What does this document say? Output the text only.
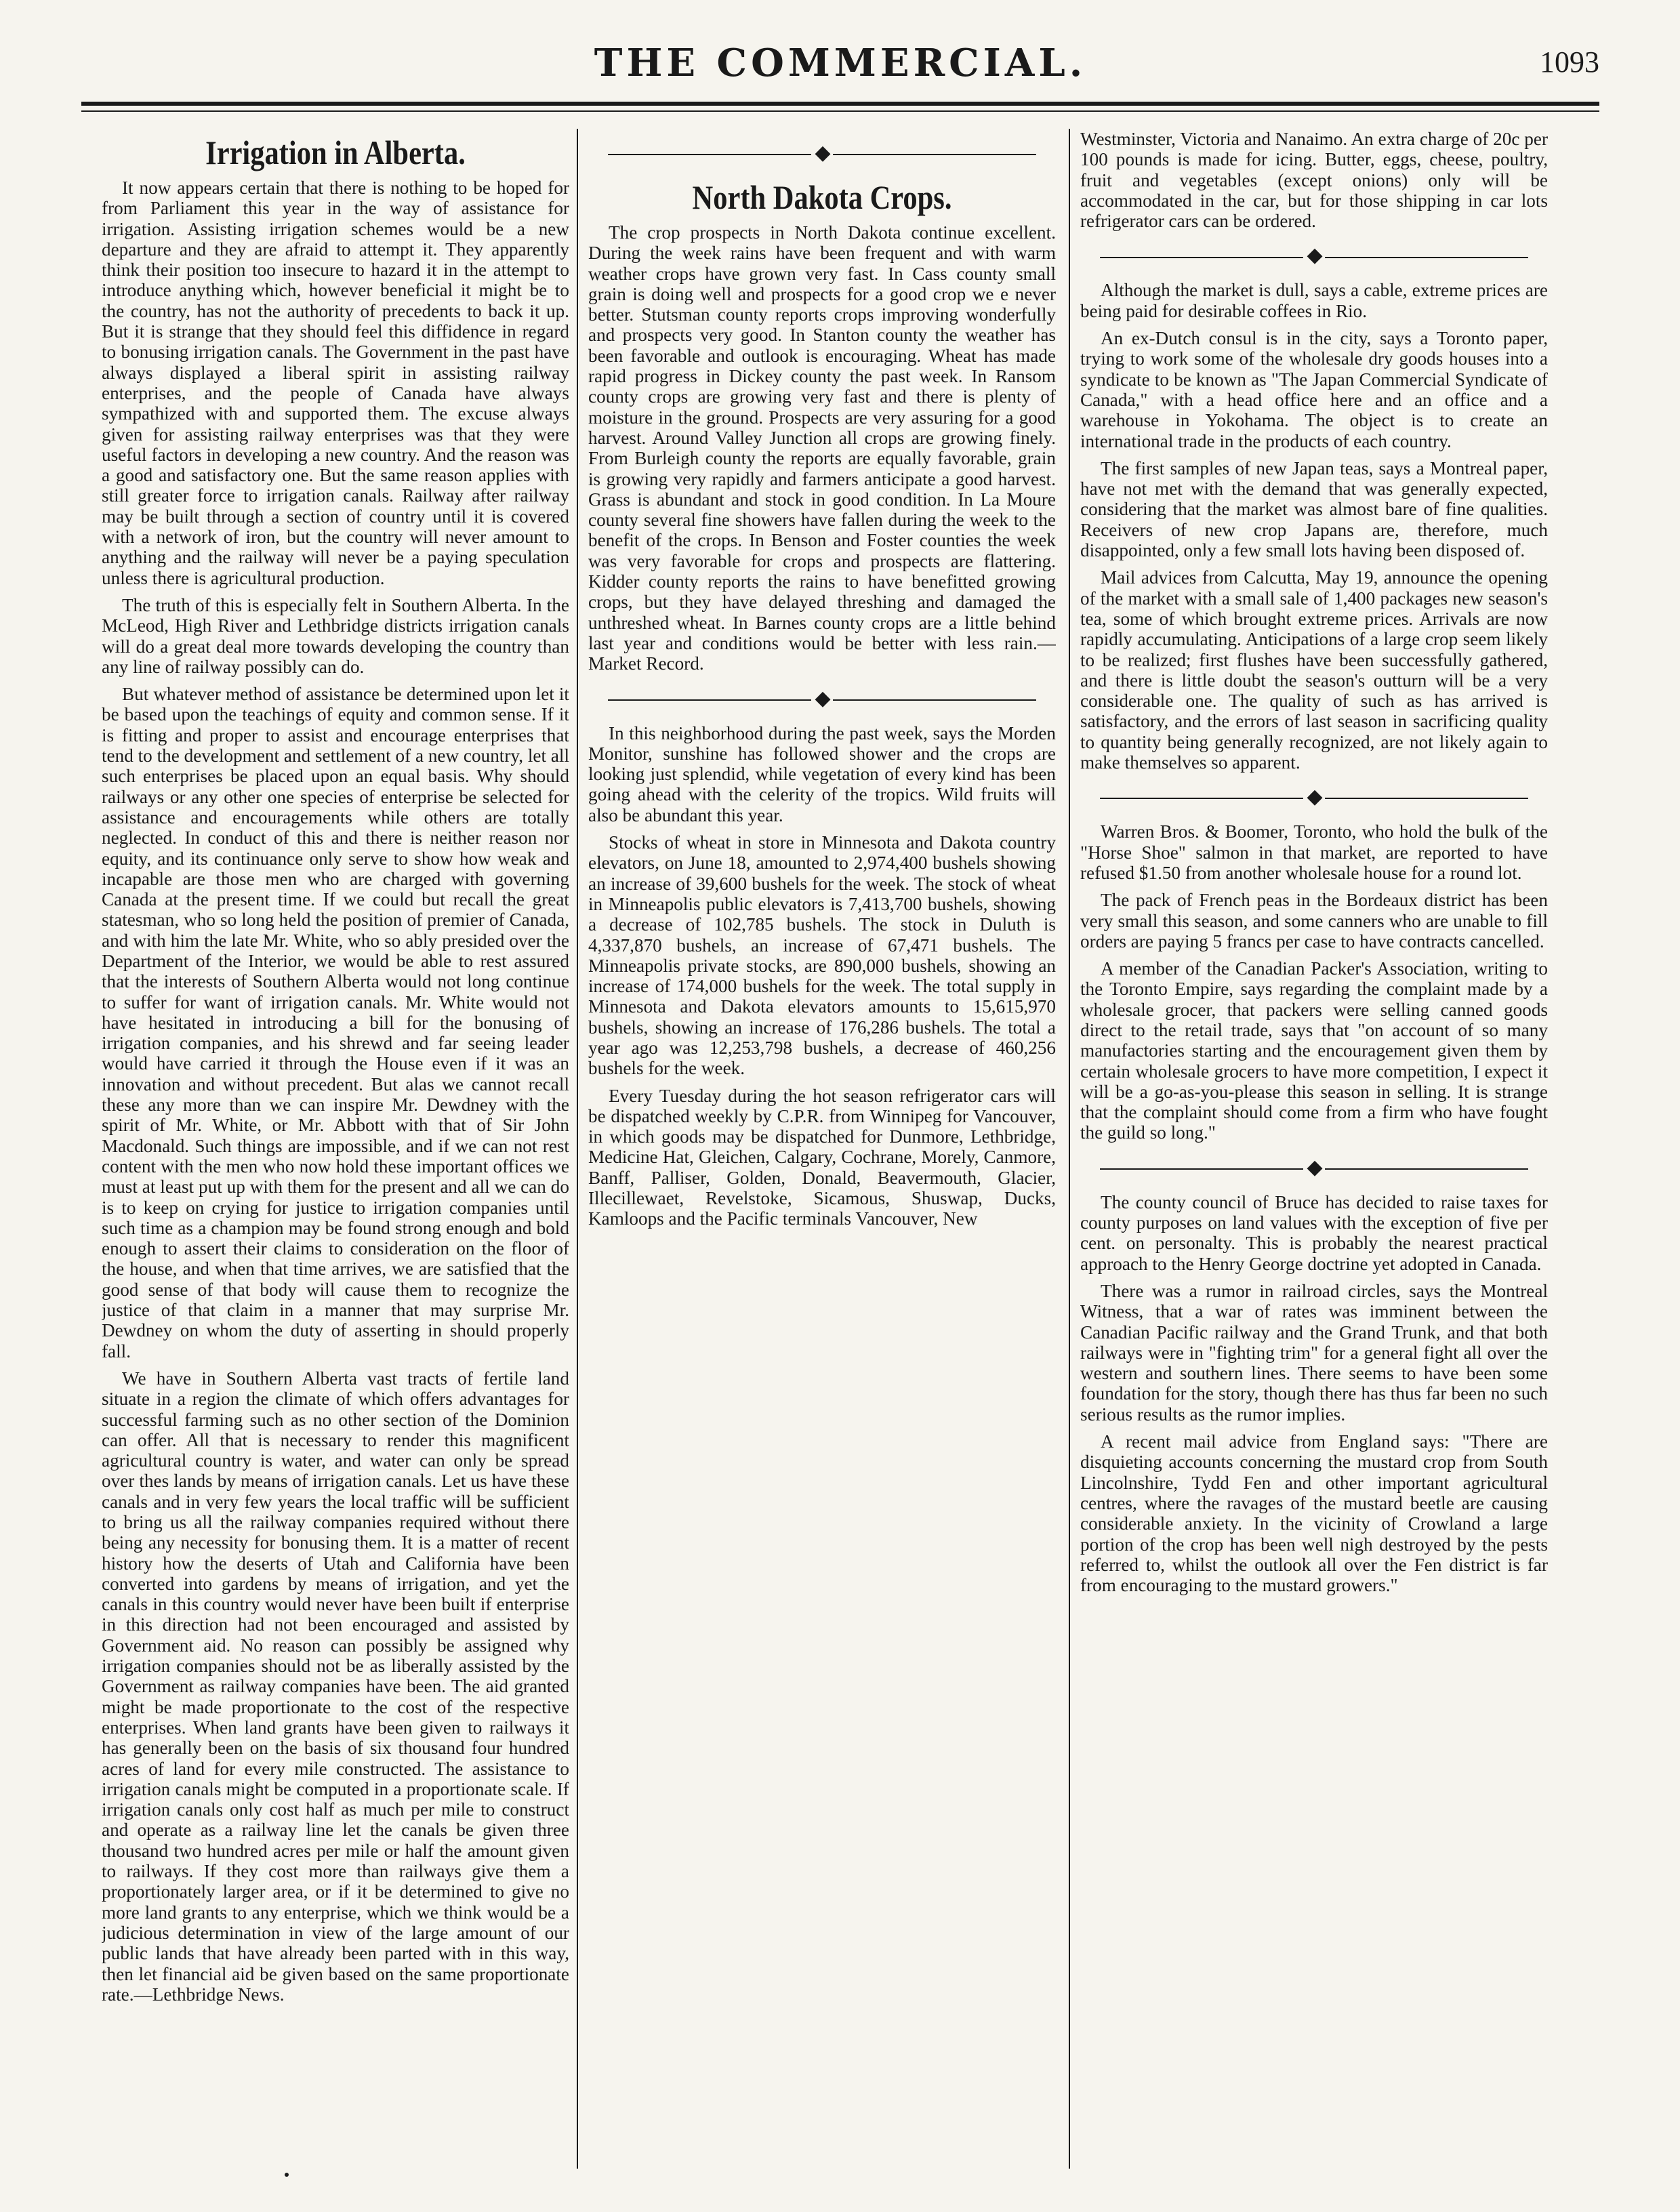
THE COMMERCIAL.	1093
Irrigation in Alberta.

It now appears certain that there is nothing to be hoped for from Parliament this year in the way of assistance for irrigation. Assisting irrigation schemes would be a new departure and they are afraid to attempt it. They apparently think their position too insecure to hazard it in the attempt to introduce anything which, however beneficial it might be to the country, has not the authority of precedents to back it up. But it is strange that they should feel this diffidence in regard to bonusing irrigation canals. The Government in the past have always displayed a liberal spirit in assisting railway enterprises, and the people of Canada have always sympathized with and supported them. The excuse always given for assisting railway enterprises was that they were useful factors in developing a new country. And the reason was a good and satisfactory one. But the same reason applies with still greater force to irrigation canals. Railway after railway may be built through a section of country until it is covered with a network of iron, but the country will never amount to anything and the railway will never be a paying speculation unless there is agricultural production.

The truth of this is especially felt in Southern Alberta. In the McLeod, High River and Lethbridge districts irrigation canals will do a great deal more towards developing the country than any line of railway possibly can do.

But whatever method of assistance be determined upon let it be based upon the teachings of equity and common sense. If it is fitting and proper to assist and encourage enterprises that tend to the development and settlement of a new country, let all such enterprises be placed upon an equal basis. Why should railways or any other one species of enterprise be selected for assistance and encouragements while others are totally neglected. In conduct of this and there is neither reason nor equity, and its continuance only serve to show how weak and incapable are those men who are charged with governing Canada at the present time. If we could but recall the great statesman, who so long held the position of premier of Canada, and with him the late Mr. White, who so ably presided over the Department of the Interior, we would be able to rest assured that the interests of Southern Alberta would not long continue to suffer for want of irrigation canals. Mr. White would not have hesitated in introducing a bill for the bonusing of irrigation companies, and his shrewd and far seeing leader would have carried it through the House even if it was an innovation and without precedent. But alas we cannot recall these any more than we can inspire Mr. Dewdney with the spirit of Mr. White, or Mr. Abbott with that of Sir John Macdonald. Such things are impossible, and if we can not rest content with the men who now hold these important offices we must at least put up with them for the present and all we can do is to keep on crying for justice to irrigation companies until such time as a champion may be found strong enough and bold enough to assert their claims to consideration on the floor of the house, and when that time arrives, we are satisfied that the good sense of that body will cause them to recognize the justice of that claim in a manner that may surprise Mr. Dewdney on whom the duty of asserting in should properly fall.

We have in Southern Alberta vast tracts of fertile land situate in a region the climate of which offers advantages for successful farming such as no other section of the Dominion can offer. All that is necessary to render this magnificent agricultural country is water, and water can only be spread over thes lands by means of irrigation canals. Let us have these canals and in very few years the local traffic will be sufficient to bring us all the railway companies required without there being any necessity for bonusing them. It is a matter of recent history how the deserts of Utah and California have been converted into gardens by means of irrigation, and yet the canals in this country would never have been built if enterprise in this direction had not been encouraged and assisted by Government aid. No reason can possibly be assigned why irrigation companies should not be as liberally assisted by the Government as railway companies have been. The aid granted might be made proportionate to the cost of the respective enterprises. When land grants have been given to railways it has generally been on the basis of six thousand four hundred acres of land for every mile constructed. The assistance to irrigation canals might be computed in a proportionate scale. If irrigation canals only cost half as much per mile to construct and operate as a railway line let the canals be given three thousand two hundred acres per mile or half the amount given to railways. If they cost more than railways give them a proportionately larger area, or if it be determined to give no more land grants to any enterprise, which we think would be a judicious determination in view of the large amount of our public lands that have already been parted with in this way, then let financial aid be given based on the same proportionate rate.—Lethbridge News.

◆
North Dakota Crops.

The crop prospects in North Dakota continue excellent. During the week rains have been frequent and with warm weather crops have grown very fast. In Cass county small grain is doing well and prospects for a good crop we e never better. Stutsman county reports crops improving wonderfully and prospects very good. In Stanton county the weather has been favorable and outlook is encouraging. Wheat has made rapid progress in Dickey county the past week. In Ransom county crops are growing very fast and there is plenty of moisture in the ground. Prospects are very assuring for a good harvest. Around Valley Junction all crops are growing finely. From Burleigh county the reports are equally favorable, grain is growing very rapidly and farmers anticipate a good harvest. Grass is abundant and stock in good condition. In La Moure county several fine showers have fallen during the week to the benefit of the crops. In Benson and Foster counties the week was very favorable for crops and prospects are flattering. Kidder county reports the rains to have benefitted growing crops, but they have delayed threshing and damaged the unthreshed wheat. In Barnes county crops are a little behind last year and conditions would be better with less rain.—Market Record.

◆

In this neighborhood during the past week, says the Morden Monitor, sunshine has followed shower and the crops are looking just splendid, while vegetation of every kind has been going ahead with the celerity of the tropics. Wild fruits will also be abundant this year.

Stocks of wheat in store in Minnesota and Dakota country elevators, on June 18, amounted to 2,974,400 bushels showing an increase of 39,600 bushels for the week. The stock of wheat in Minneapolis public elevators is 7,413,700 bushels, showing a decrease of 102,785 bushels. The stock in Duluth is 4,337,870 bushels, an increase of 67,471 bushels. The Minneapolis private stocks, are 890,000 bushels, showing an increase of 174,000 bushels for the week. The total supply in Minnesota and Dakota elevators amounts to 15,615,970 bushels, showing an increase of 176,286 bushels. The total a year ago was 12,253,798 bushels, a decrease of 460,256 bushels for the week.

Every Tuesday during the hot season refrigerator cars will be dispatched weekly by C.P.R. from Winnipeg for Vancouver, in which goods may be dispatched for Dunmore, Lethbridge, Medicine Hat, Gleichen, Calgary, Cochrane, Morely, Canmore, Banff, Palliser, Golden, Donald, Beavermouth, Glacier, Illecillewaet, Revelstoke, Sicamous, Shuswap, Ducks, Kamloops and the Pacific terminals Vancouver, New

Westminster, Victoria and Nanaimo. An extra charge of 20c per 100 pounds is made for icing. Butter, eggs, cheese, poultry, fruit and vegetables (except onions) only will be accommodated in the car, but for those shipping in car lots refrigerator cars can be ordered.

◆

Although the market is dull, says a cable, extreme prices are being paid for desirable coffees in Rio.

An ex-Dutch consul is in the city, says a Toronto paper, trying to work some of the wholesale dry goods houses into a syndicate to be known as "The Japan Commercial Syndicate of Canada," with a head office here and an office and a warehouse in Yokohama. The object is to create an international trade in the products of each country.

The first samples of new Japan teas, says a Montreal paper, have not met with the demand that was generally expected, considering that the market was almost bare of fine qualities. Receivers of new crop Japans are, therefore, much disappointed, only a few small lots having been disposed of.

Mail advices from Calcutta, May 19, announce the opening of the market with a small sale of 1,400 packages new season's tea, some of which brought extreme prices. Arrivals are now rapidly accumulating. Anticipations of a large crop seem likely to be realized; first flushes have been successfully gathered, and there is little doubt the season's outturn will be a very considerable one. The quality of such as has arrived is satisfactory, and the errors of last season in sacrificing quality to quantity being generally recognized, are not likely again to make themselves so apparent.

◆

Warren Bros. & Boomer, Toronto, who hold the bulk of the "Horse Shoe" salmon in that market, are reported to have refused $1.50 from another wholesale house for a round lot.

The pack of French peas in the Bordeaux district has been very small this season, and some canners who are unable to fill orders are paying 5 francs per case to have contracts cancelled.

A member of the Canadian Packer's Association, writing to the Toronto Empire, says regarding the complaint made by a wholesale grocer, that packers were selling canned goods direct to the retail trade, says that "on account of so many manufactories starting and the encouragement given them by certain wholesale grocers to have more competition, I expect it will be a go-as-you-please this season in selling. It is strange that the complaint should come from a firm who have fought the guild so long."

◆

The county council of Bruce has decided to raise taxes for county purposes on land values with the exception of five per cent. on personalty. This is probably the nearest practical approach to the Henry George doctrine yet adopted in Canada.

There was a rumor in railroad circles, says the Montreal Witness, that a war of rates was imminent between the Canadian Pacific railway and the Grand Trunk, and that both railways were in "fighting trim" for a general fight all over the western and southern lines. There seems to have been some foundation for the story, though there has thus far been no such serious results as the rumor implies.

A recent mail advice from England says: "There are disquieting accounts concerning the mustard crop from South Lincolnshire, Tydd Fen and other important agricultural centres, where the ravages of the mustard beetle are causing considerable anxiety. In the vicinity of Crowland a large portion of the crop has been well nigh destroyed by the pests referred to, whilst the outlook all over the Fen district is far from encouraging to the mustard growers."
